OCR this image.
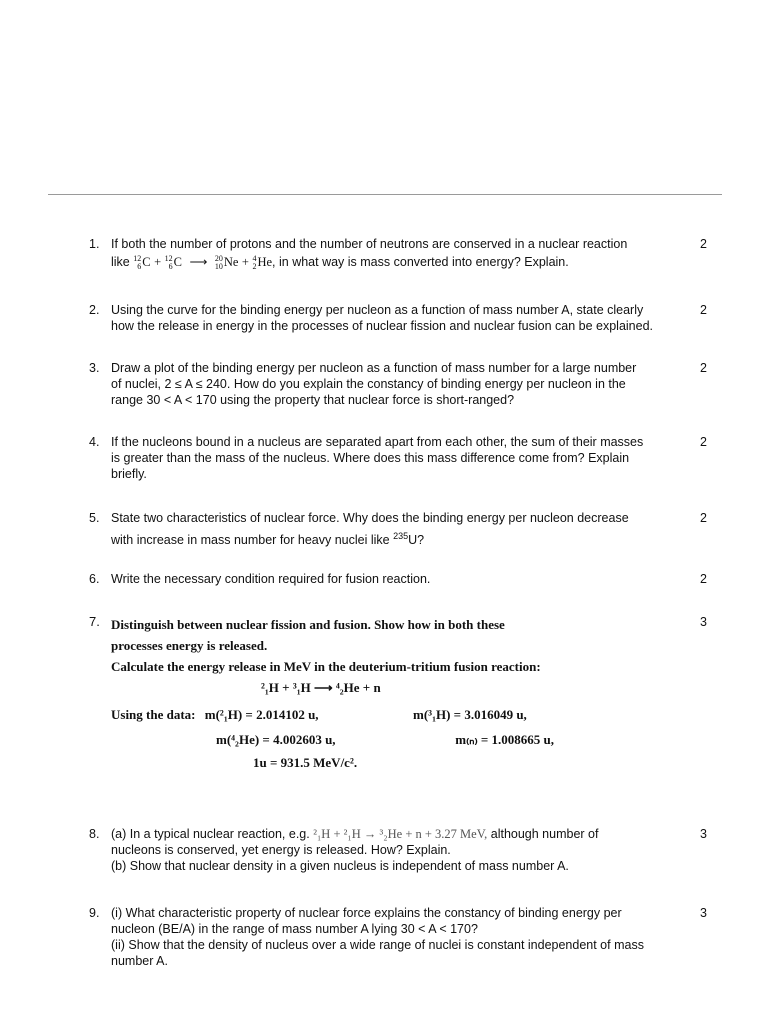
1. If both the number of protons and the number of neutrons are conserved in a nuclear reaction
like 12
6 C + 12
6 C ⟶ 20
10 Ne + 4
2 He, in what way is mass converted into energy? Explain.
2
2. Using the curve for the binding energy per nucleon as a function of mass number A, state clearly
how the release in energy in the processes of nuclear fission and nuclear fusion can be explained.
2
3. Draw a plot of the binding energy per nucleon as a function of mass number for a large number
of nuclei, 2 ≤ A ≤ 240. How do you explain the constancy of binding energy per nucleon in the
range 30 < A < 170 using the property that nuclear force is short-ranged?
2
4. If the nucleons bound in a nucleus are separated apart from each other, the sum of their masses
is greater than the mass of the nucleus. Where does this mass difference come from? Explain
briefly.
2
5. State two characteristics of nuclear force. Why does the binding energy per nucleon decrease
with increase in mass number for heavy nuclei like $^{235}$U?
2
6. Write the necessary condition required for fusion reaction.	2
7. Distinguish between nuclear fission and fusion. Show how in both these
processes energy is released.
Calculate the energy release in MeV in the deuterium-tritium fusion reaction:
²₁H + ³₁H ⟶ ⁴₂He + n
Using the data: m(²₁H) = 2.014102 u,	m(³₁H) = 3.016049 u,
m(⁴₂He) = 4.002603 u,	m₍ₙ₎ = 1.008665 u,
1u = 931.5 MeV/c².
3
8. (a) In a typical nuclear reaction, e.g. ²₁H + ²₁H → ³₂He + n + 3.27 MeV, although number of
nucleons is conserved, yet energy is released. How? Explain.
(b) Show that nuclear density in a given nucleus is independent of mass number A.
3
9. (i) What characteristic property of nuclear force explains the constancy of binding energy per
nucleon (BE/A) in the range of mass number A lying 30 < A < 170?
(ii) Show that the density of nucleus over a wide range of nuclei is constant independent of mass
number A.
3
